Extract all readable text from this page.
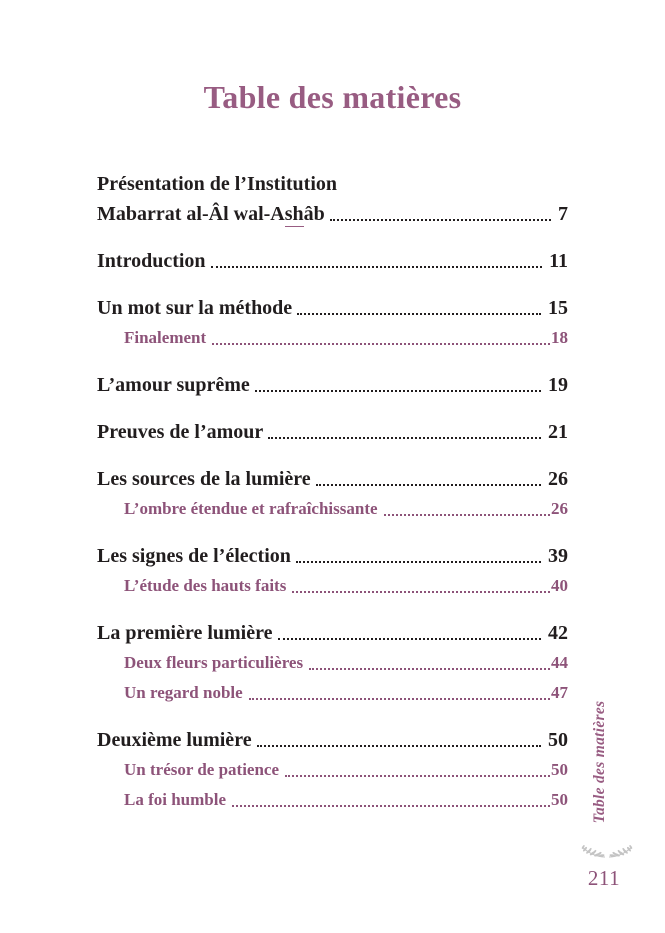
Table des matières
Présentation de l’Institution
Mabarrat al-Âl wal-Ashâb	7
Introduction	11
Un mot sur la méthode	15
Finalement	18
L’amour suprême	19
Preuves de l’amour	21
Les sources de la lumière	26
L’ombre étendue et rafraîchissante	26
Les signes de l’élection	39
L’étude des hauts faits	40
La première lumière	42
Deux fleurs particulières	44
Un regard noble	47
Deuxième lumière	50
Un trésor de patience	50
La foi humble	50 Table des matières
211
